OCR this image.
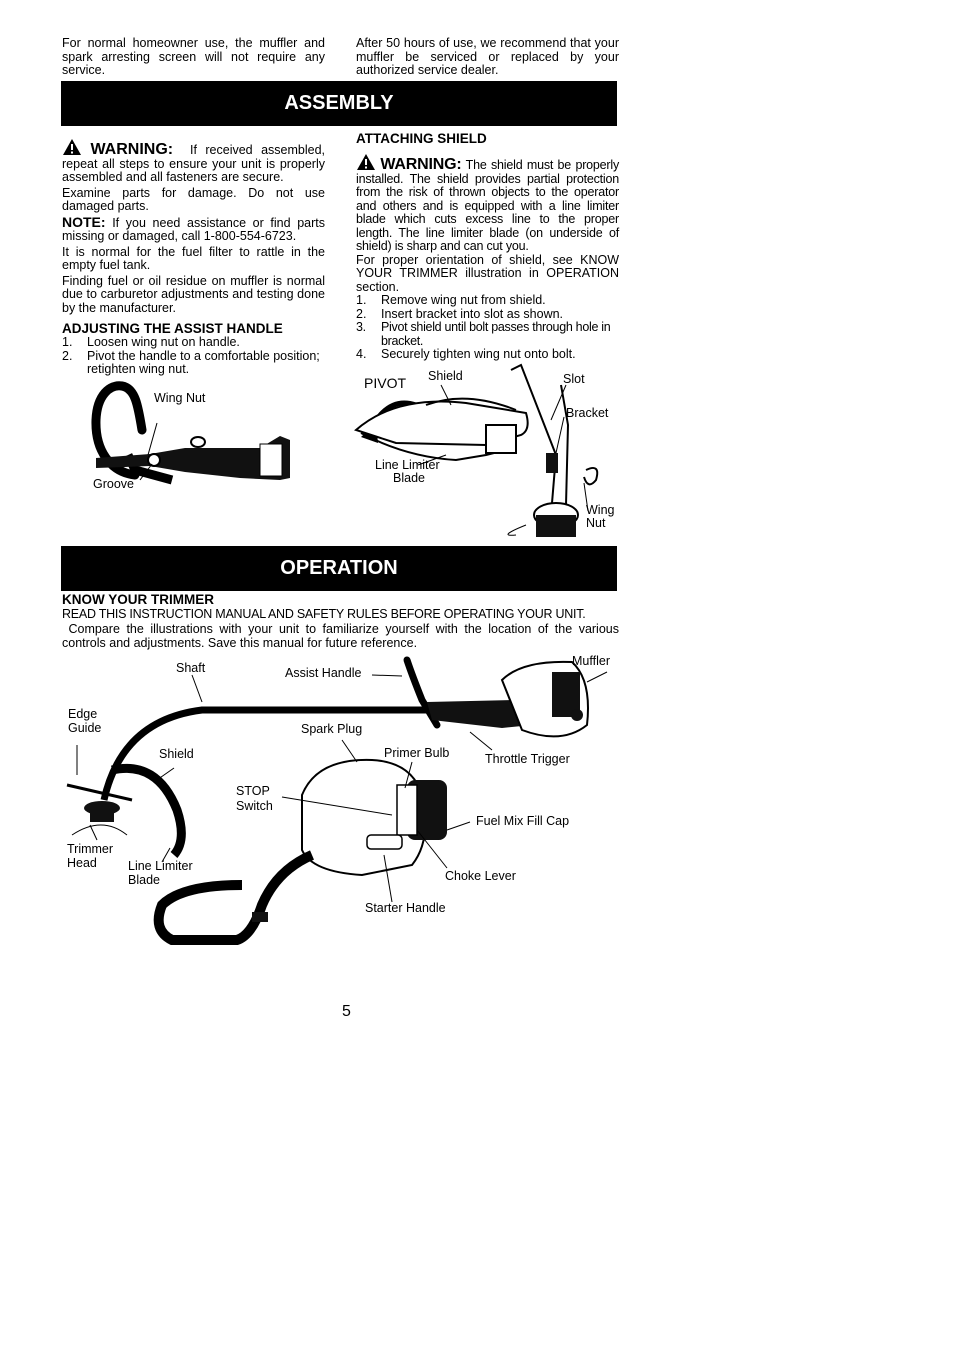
For normal homeowner use, the muffler and spark arresting screen will not require any service.

After 50 hours of use, we recommend that your muffler be serviced or replaced by your authorized service dealer.

ASSEMBLY

WARNING: If received assembled, repeat all steps to ensure your unit is properly assembled and all fasteners are secure.

Examine parts for damage. Do not use damaged parts.

NOTE: If you need assistance or find parts missing or damaged, call 1-800-554-6723.

It is normal for the fuel filter to rattle in the empty fuel tank.

Finding fuel or oil residue on muffler is normal due to carburetor adjustments and testing done by the manufacturer.

ADJUSTING THE ASSIST HANDLE
1. Loosen wing nut on handle.
2. Pivot the handle to a comfortable position; retighten wing nut.
Wing Nut
Groove
ATTACHING SHIELD

WARNING: The shield must be properly installed. The shield provides partial protection from the risk of thrown objects to the operator and others and is equipped with a line limiter blade which cuts excess line to the proper length. The line limiter blade (on underside of shield) is sharp and can cut you.

For proper orientation of shield, see KNOW YOUR TRIMMER illustration in OPERATION section.

1. Remove wing nut from shield.
2. Insert bracket into slot as shown.
3. Pivot shield until bolt passes through hole in bracket.
4. Securely tighten wing nut onto bolt.
PIVOT Shield	Slot
Bracket
Line Limiter
Blade
Wing
Nut
OPERATION
KNOW YOUR TRIMMER

READ THIS INSTRUCTION MANUAL AND SAFETY RULES BEFORE OPERATING YOUR UNIT.

Compare the illustrations with your unit to familiarize yourself with the location of the various controls and adjustments. Save this manual for future reference.

Shaft	Assist Handle
Muffler
Edge
Guide	Spark Plug
Shield	Primer Bulb	Throttle Trigger
STOP
Switch
Fuel Mix Fill Cap
Trimmer
Head Line Limiter
Blade	Choke Lever
Starter Handle
5
